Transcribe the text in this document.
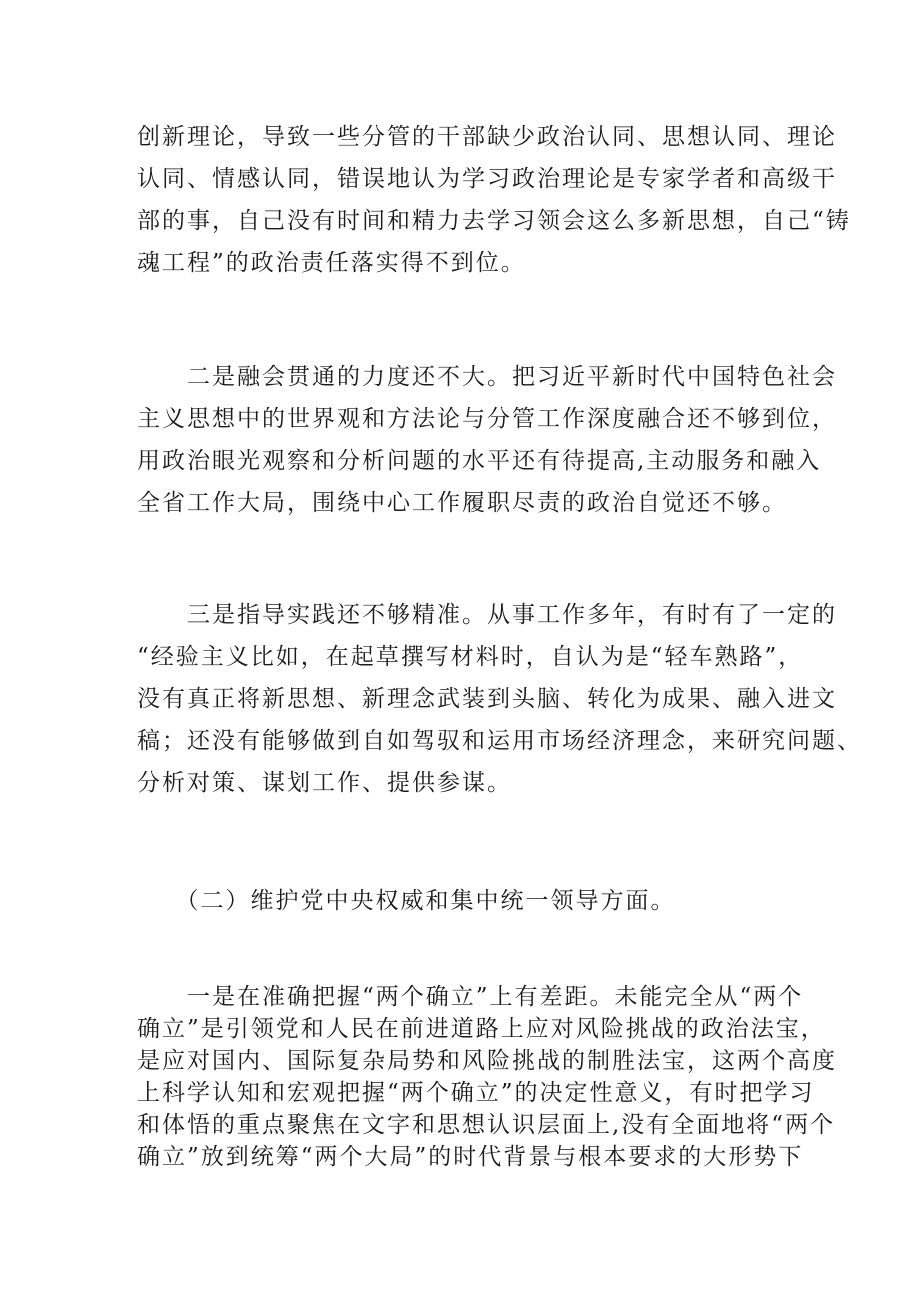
创新理论，导致一些分管的干部缺少政治认同、思想认同、理论
认同、情感认同，错误地认为学习政治理论是专家学者和高级干
部的事，自己没有时间和精力去学习领会这么多新思想，自己“铸
魂工程”的政治责任落实得不到位。
　　二是融会贯通的力度还不大。把习近平新时代中国特色社会
主义思想中的世界观和方法论与分管工作深度融合还不够到位，
用政治眼光观察和分析问题的水平还有待提高,主动服务和融入
全省工作大局，围绕中心工作履职尽责的政治自觉还不够。
　　三是指导实践还不够精准。从事工作多年，有时有了一定的
“经验主义比如，在起草撰写材料时，自认为是“轻车熟路”，
没有真正将新思想、新理念武装到头脑、转化为成果、融入进文
稿；还没有能够做到自如驾驭和运用市场经济理念，来研究问题、
分析对策、谋划工作、提供参谋。
　　（二）维护党中央权威和集中统一领导方面。
　　一是在准确把握“两个确立”上有差距。未能完全从“两个
确立”是引领党和人民在前进道路上应对风险挑战的政治法宝，
是应对国内、国际复杂局势和风险挑战的制胜法宝，这两个高度
上科学认知和宏观把握“两个确立”的决定性意义，有时把学习
和体悟的重点聚焦在文字和思想认识层面上,没有全面地将“两个
确立”放到统筹“两个大局”的时代背景与根本要求的大形势下
